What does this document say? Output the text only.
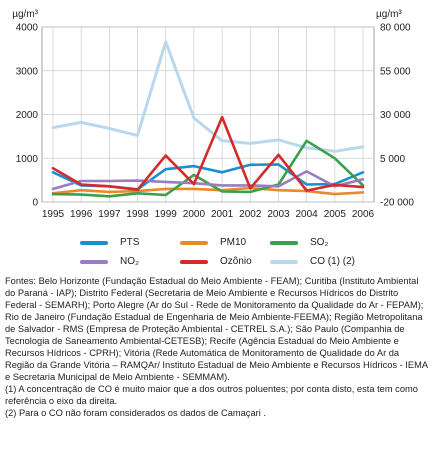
0
1000
2000
3000
4000
1995 1996 1997 1998 1999 2000 2001 2002 2003 2004 2005 2006
-20 000
5 000
30 000
55 000
80 000
µg/m³	µg/m³
PTS	PM10	SO₂
NO₂	Ozônio	CO (1) (2)

Fontes: Belo Horizonte (Fundação Estadual do Meio Ambiente - FEAM); Curitiba (Instituto Ambiental do Paraná - IAP); Distrito Federal (Secretaria de Meio Ambiente e Recursos Hídricos do Distrito Federal - SEMARH); Porto Alegre (Ar do Sul - Rede de Monitoramento da Qualidade do Ar - FEPAM); Rio de Janeiro (Fundação Estadual de Engenharia de Meio Ambiente-FEEMA); Região Metropolitana de Salvador - RMS (Empresa de Proteção Ambiental - CETREL S.A.); São Paulo (Companhia de Tecnologia de Saneamento Ambiental-CETESB); Recife (Agência Estadual do Meio Ambiente e Recursos Hídricos - CPRH); Vitória (Rede Automática de Monitoramento de Qualidade do Ar da Região da Grande Vitória – RAMQAr/ Instituto Estadual de Meio Ambiente e Recursos Hídricos - IEMA e Secretaria Municipal de Meio Ambiente - SEMMAM).

(1) A concentração de CO é muito maior que a dos outros poluentes; por conta disto, esta tem como referência o eixo da direita.

(2) Para o CO não foram considerados os dados de Camaçari .
